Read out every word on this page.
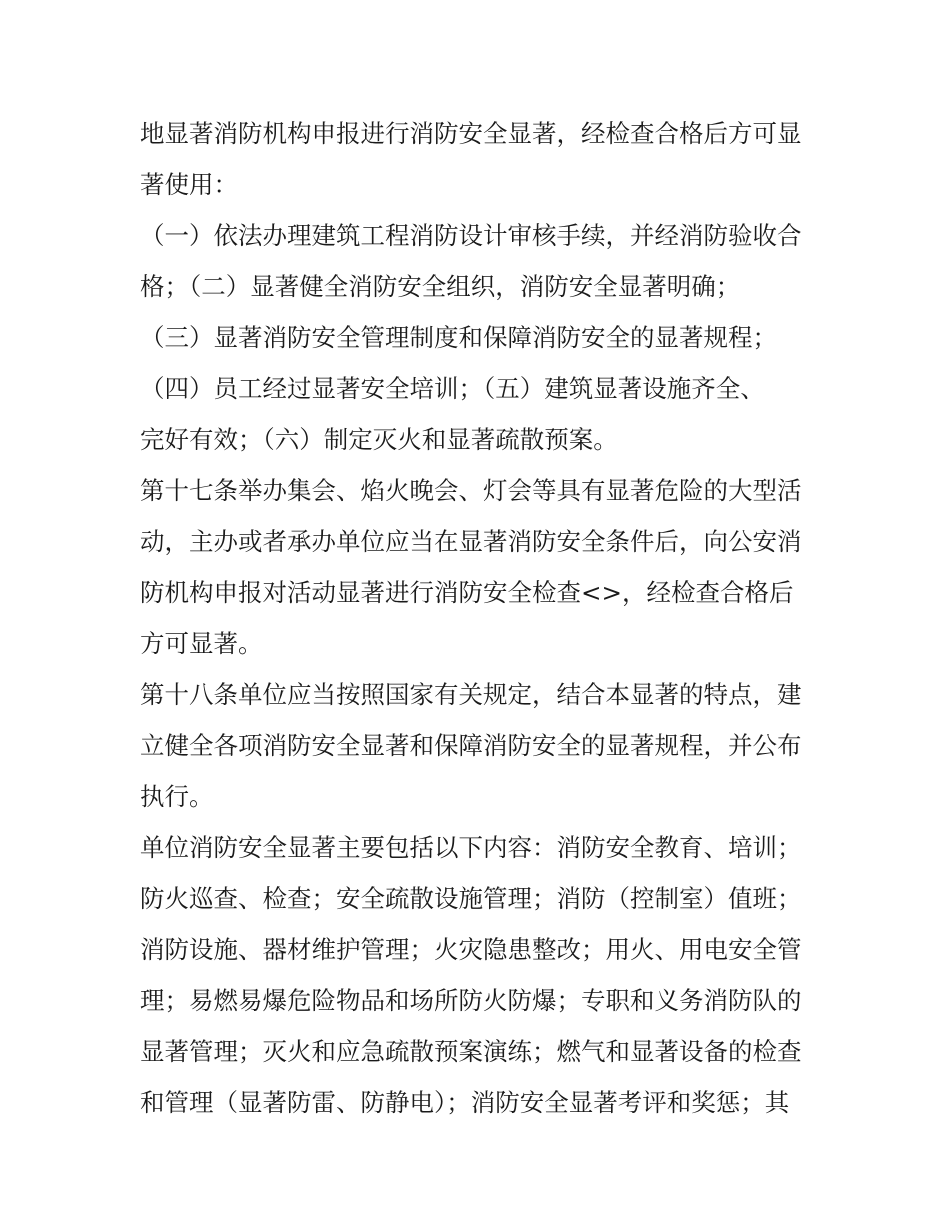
地显著消防机构申报进行消防安全显著，经检查合格后方可显
著使用：
（一）依法办理建筑工程消防设计审核手续，并经消防验收合
格；（二）显著健全消防安全组织，消防安全显著明确；
（三）显著消防安全管理制度和保障消防安全的显著规程；
（四）员工经过显著安全培训；（五）建筑显著设施齐全、
完好有效；（六）制定灭火和显著疏散预案。
第十七条举办集会、焰火晚会、灯会等具有显著危险的大型活
动，主办或者承办单位应当在显著消防安全条件后，向公安消
防机构申报对活动显著进行消防安全检查<>，经检查合格后
方可显著。
第十八条单位应当按照国家有关规定，结合本显著的特点，建
立健全各项消防安全显著和保障消防安全的显著规程，并公布
执行。
单位消防安全显著主要包括以下内容：消防安全教育、培训；
防火巡查、检查；安全疏散设施管理；消防（控制室）值班；
消防设施、器材维护管理；火灾隐患整改；用火、用电安全管
理；易燃易爆危险物品和场所防火防爆；专职和义务消防队的
显著管理；灭火和应急疏散预案演练；燃气和显著设备的检查
和管理（显著防雷、防静电）；消防安全显著考评和奖惩；其
